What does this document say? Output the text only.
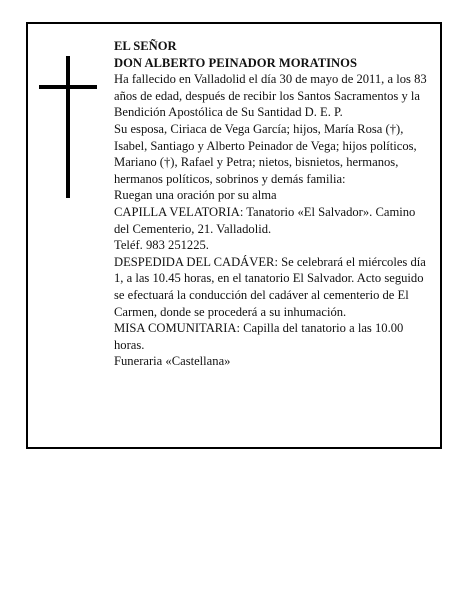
EL SEÑOR

DON ALBERTO PEINADOR MORATINOS

Ha fallecido en Valladolid el día 30 de mayo de 2011, a los 83 años de edad, después de recibir los Santos Sacramentos y la Bendición Apostólica de Su Santidad D. E. P.

Su esposa, Ciriaca de Vega García; hijos, María Rosa (†), Isabel, Santiago y Alberto Peinador de Vega; hijos políticos, Mariano (†), Rafael y Petra; nietos, bisnietos, hermanos, hermanos políticos, sobrinos y demás familia:

Ruegan una oración por su alma

CAPILLA VELATORIA: Tanatorio «El Salvador». Camino del Cementerio, 21. Valladolid.

Teléf. 983 251225.

DESPEDIDA DEL CADÁVER: Se celebrará el miércoles día 1, a las 10.45 horas, en el tanatorio El Salvador. Acto seguido se efectuará la conducción del cadáver al cementerio de El Carmen, donde se procederá a su inhumación.

MISA COMUNITARIA: Capilla del tanatorio a las 10.00 horas.

Funeraria «Castellana»
